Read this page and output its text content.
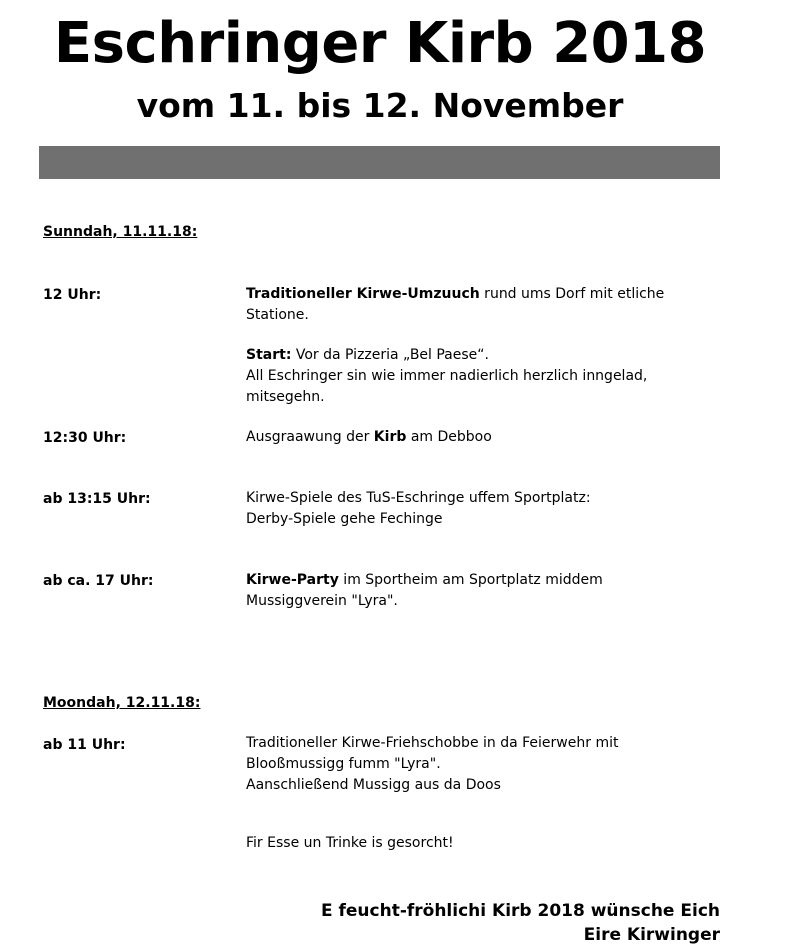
Eschringer Kirb 2018
vom 11. bis 12. November
Sunndah, 11.11.18:
12 Uhr:	Traditioneller Kirwe-Umzuuch rund ums Dorf mit etliche
Statione.
Start: Vor da Pizzeria „Bel Paese“.
All Eschringer sin wie immer nadierlich herzlich inngelad,
mitsegehn.
12:30 Uhr:	Ausgraawung der Kirb am Debboo
ab 13:15 Uhr:	Kirwe-Spiele des TuS-Eschringe uffem Sportplatz:
Derby-Spiele gehe Fechinge
ab ca. 17 Uhr:	Kirwe-Party im Sportheim am Sportplatz middem
Mussiggverein "Lyra".
Moondah, 12.11.18:
ab 11 Uhr:	Traditioneller Kirwe-Friehschobbe in da Feierwehr mit
Blooßmussigg fumm "Lyra".
Aanschließend Mussigg aus da Doos
Fir Esse un Trinke is gesorcht!
E feucht-fröhlichi Kirb 2018 wünsche Eich
Eire Kirwinger
